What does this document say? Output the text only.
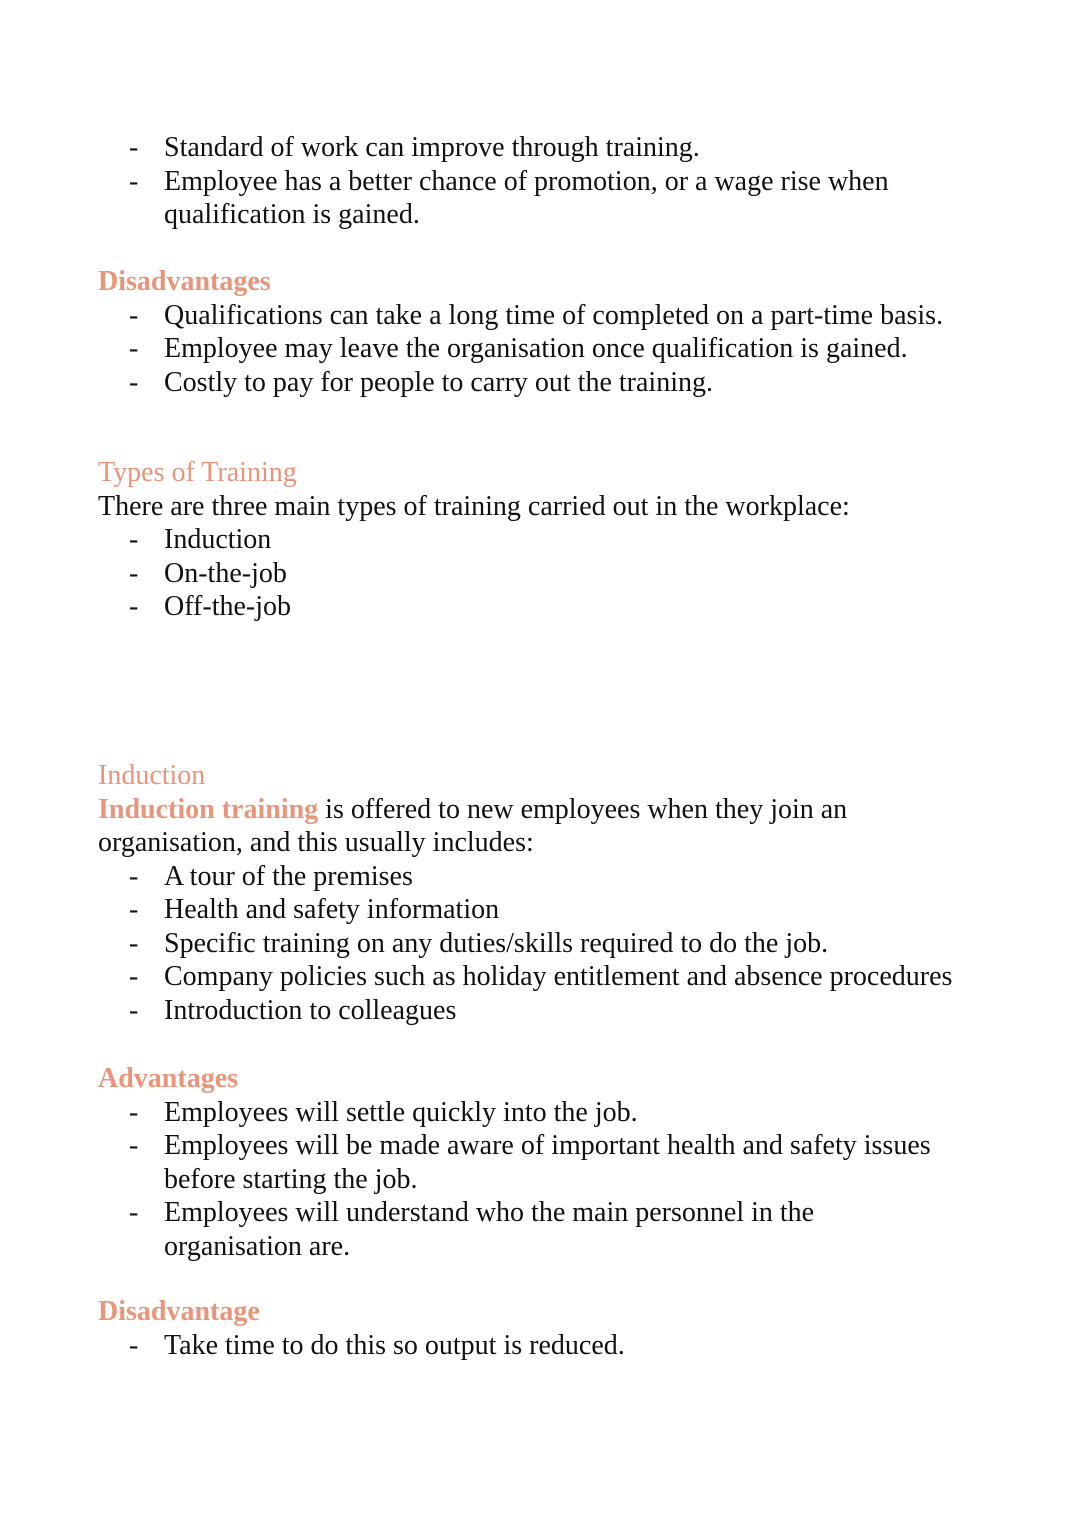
- Standard of work can improve through training.
- Employee has a better chance of promotion, or a wage rise when qualification is gained.
Disadvantages
- Qualifications can take a long time of completed on a part-time basis.
- Employee may leave the organisation once qualification is gained.
- Costly to pay for people to carry out the training.
Types of Training

There are three main types of training carried out in the workplace:

- Induction
- On-the-job
- Off-the-job
Induction

Induction training is offered to new employees when they join an organisation, and this usually includes:

- A tour of the premises
- Health and safety information
- Specific training on any duties/skills required to do the job.
- Company policies such as holiday entitlement and absence procedures
- Introduction to colleagues
Advantages
- Employees will settle quickly into the job.
- Employees will be made aware of important health and safety issues before starting the job.
- Employees will understand who the main personnel in the organisation are.
Disadvantage
- Take time to do this so output is reduced.
